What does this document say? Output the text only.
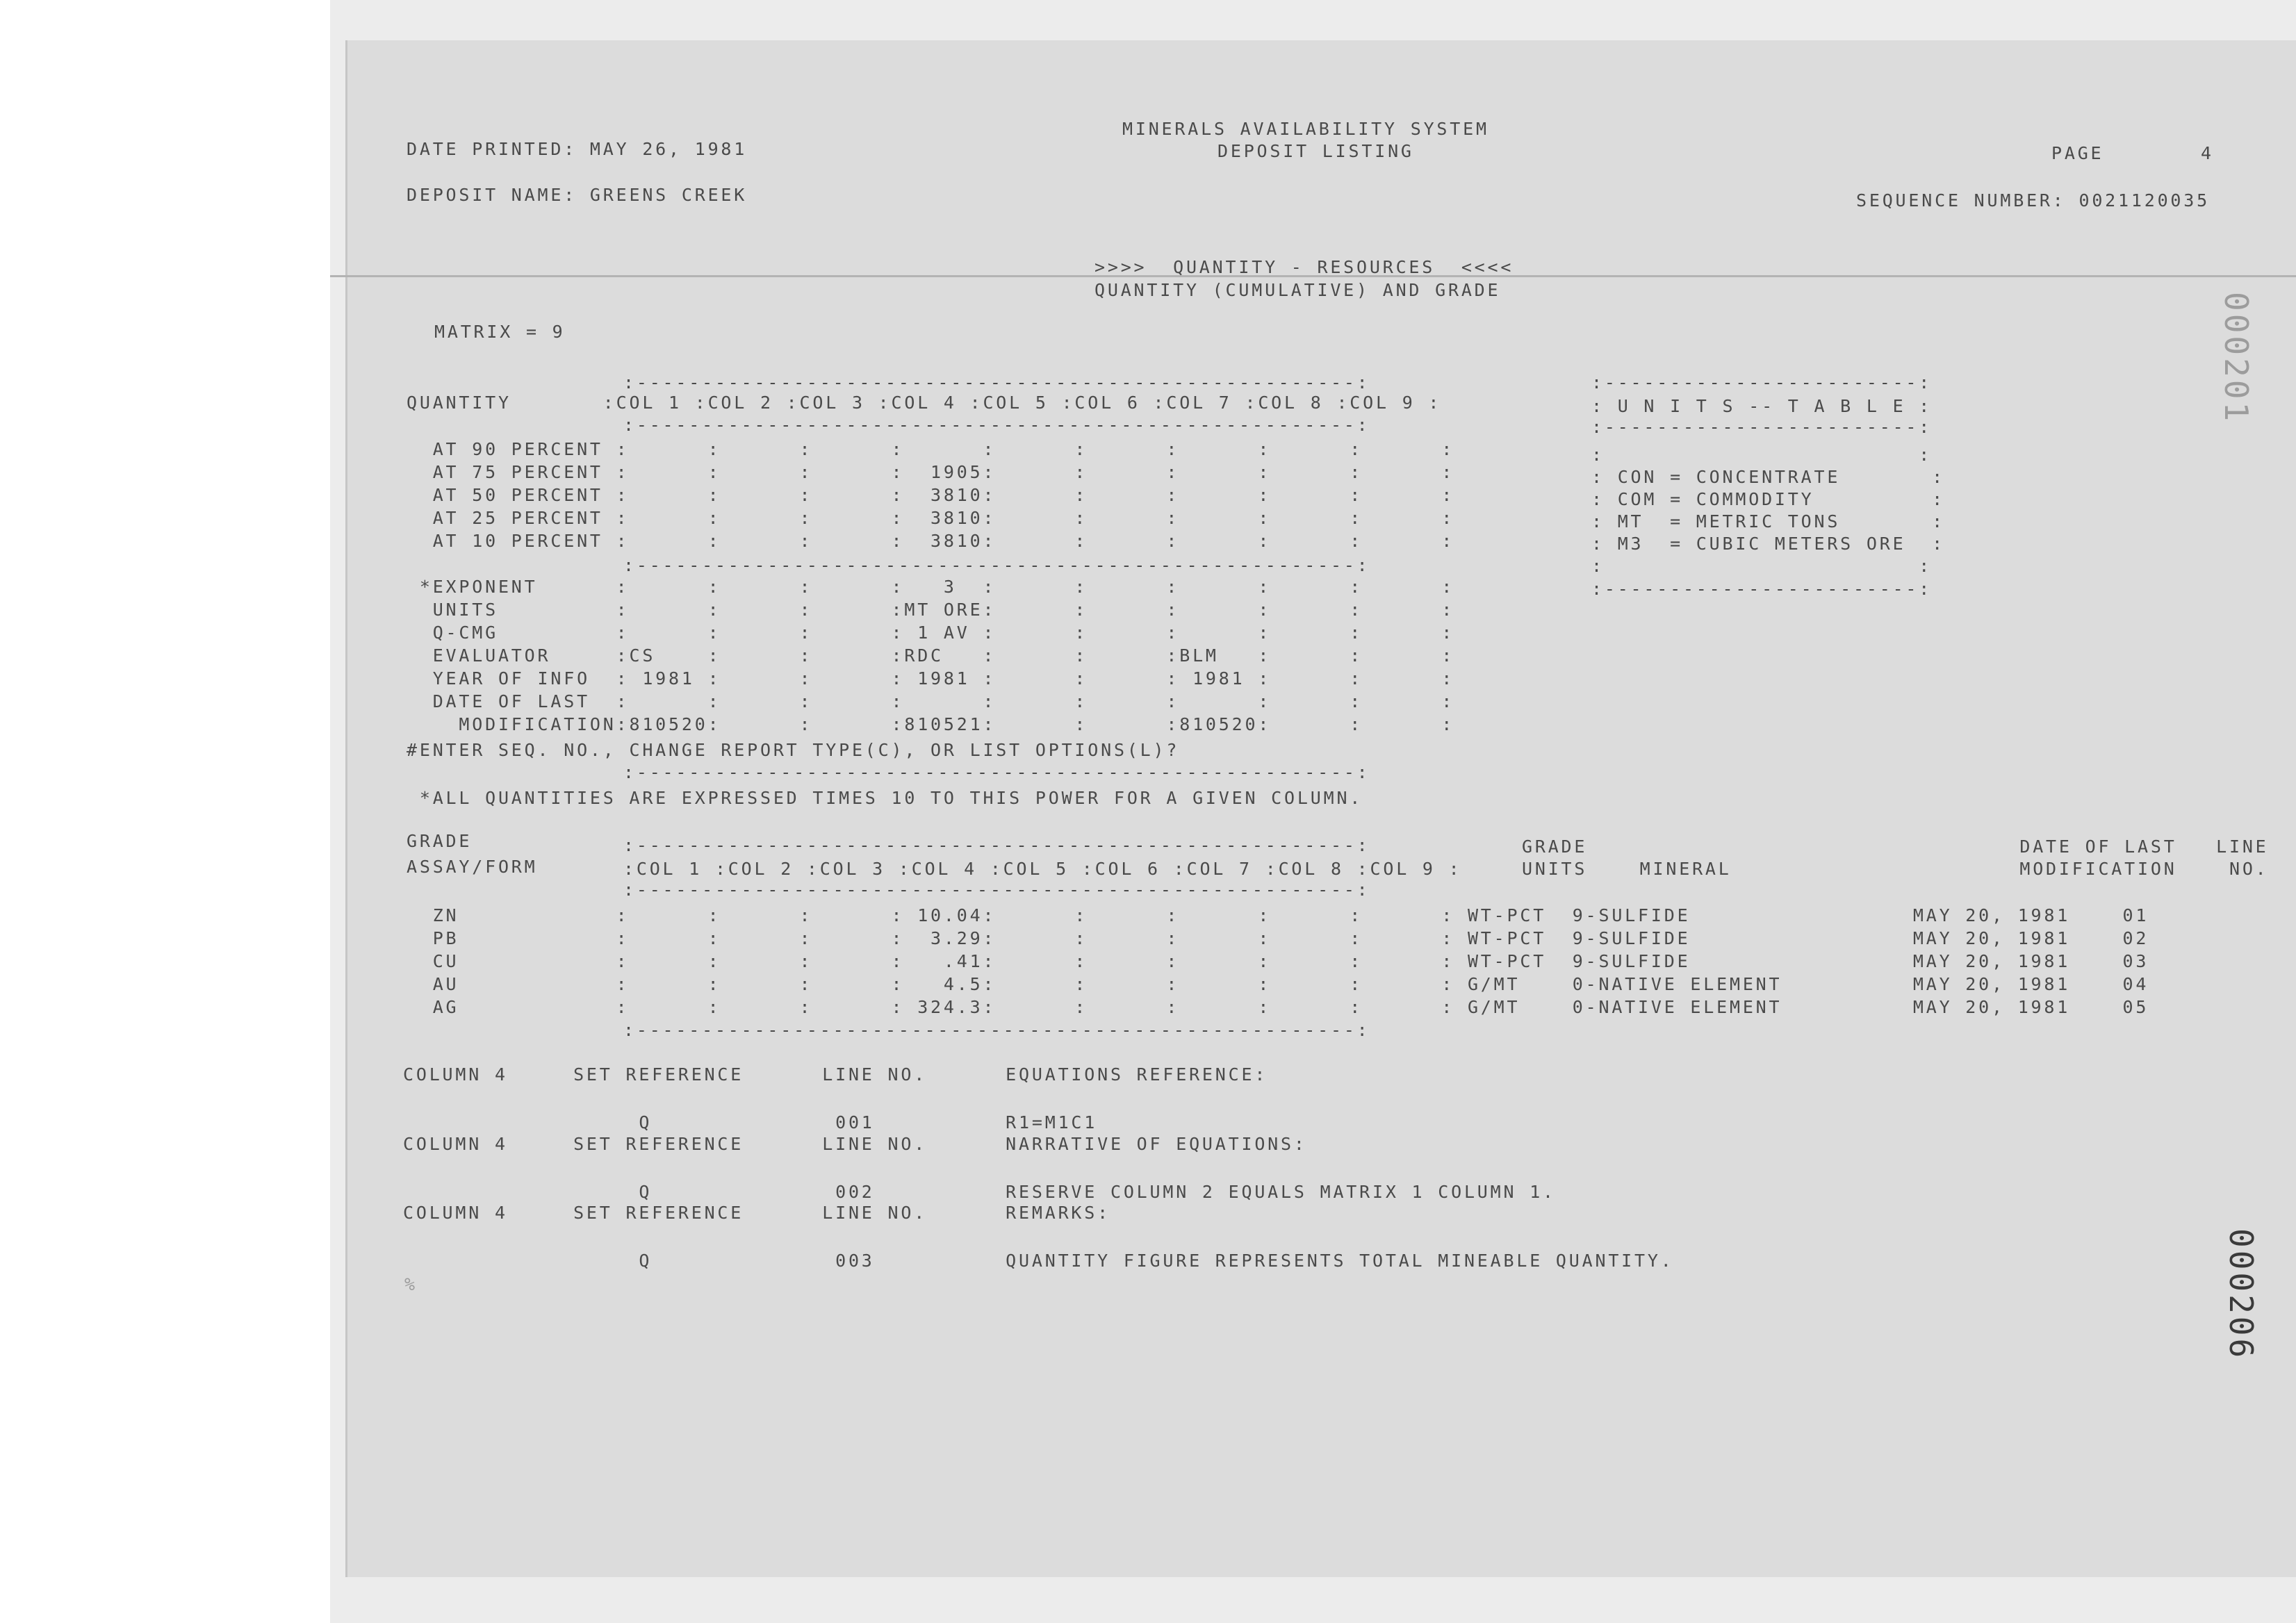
MINERALS AVAILABILITY SYSTEM
DEPOSIT LISTING
DATE PRINTED: MAY 26, 1981	PAGE	4
DEPOSIT NAME: GREENS CREEK	SEQUENCE NUMBER: 0021120035
>>>>  QUANTITY - RESOURCES  <<<<
QUANTITY (CUMULATIVE) AND GRADE
MATRIX = 9
:-------------------------------------------------------:
QUANTITY       :COL 1 :COL 2 :COL 3 :COL 4 :COL 5 :COL 6 :COL 7 :COL 8 :COL 9 :
:-------------------------------------------------------:
AT 90 PERCENT :      :      :      :      :      :      :      :      :      :
AT 75 PERCENT :      :      :      :  1905:      :      :      :      :      :
AT 50 PERCENT :      :      :      :  3810:      :      :      :      :      :
AT 25 PERCENT :      :      :      :  3810:      :      :      :      :      :
AT 10 PERCENT :      :      :      :  3810:      :      :      :      :      :
:-------------------------------------------------------:
*EXPONENT      :      :      :      :   3  :      :      :      :      :      :
UNITS         :      :      :      :MT ORE:      :      :      :      :      :
Q-CMG         :      :      :      : 1 AV :      :      :      :      :      :
EVALUATOR     :CS    :      :      :RDC   :      :      :BLM   :      :      :
YEAR OF INFO  : 1981 :      :      : 1981 :      :      : 1981 :      :      :
DATE OF LAST  :      :      :      :      :      :      :      :      :      :
MODIFICATION:810520:      :      :810521:      :      :810520:      :      :
#ENTER SEQ. NO., CHANGE REPORT TYPE(C), OR LIST OPTIONS(L)?
:-------------------------------------------------------:
*ALL QUANTITIES ARE EXPRESSED TIMES 10 TO THIS POWER FOR A GIVEN COLUMN.
:------------------------:
: U N I T S -- T A B L E :
:------------------------:
:                        :
: CON = CONCENTRATE       :
: COM = COMMODITY         :
: MT  = METRIC TONS       :
: M3  = CUBIC METERS ORE  :
:                        :
:------------------------:
GRADE	:-------------------------------------------------------:	GRADE                                 DATE OF LAST   LINE
ASSAY/FORM	:COL 1 :COL 2 :COL 3 :COL 4 :COL 5 :COL 6 :COL 7 :COL 8 :COL 9 :	UNITS    MINERAL                      MODIFICATION    NO.
:-------------------------------------------------------:
ZN            :      :      :      : 10.04:      :      :      :      :      : WT-PCT  9-SULFIDE                 MAY 20, 1981    01
PB            :      :      :      :  3.29:      :      :      :      :      : WT-PCT  9-SULFIDE                 MAY 20, 1981    02
CU            :      :      :      :   .41:      :      :      :      :      : WT-PCT  9-SULFIDE                 MAY 20, 1981    03
AU            :      :      :      :   4.5:      :      :      :      :      : G/MT    0-NATIVE ELEMENT          MAY 20, 1981    04
AG            :      :      :      : 324.3:      :      :      :      :      : G/MT    0-NATIVE ELEMENT          MAY 20, 1981    05
:-------------------------------------------------------:
COLUMN 4     SET REFERENCE      LINE NO.      EQUATIONS REFERENCE:
Q              001          R1=M1C1
COLUMN 4     SET REFERENCE      LINE NO.      NARRATIVE OF EQUATIONS:
Q              002          RESERVE COLUMN 2 EQUALS MATRIX 1 COLUMN 1.
COLUMN 4     SET REFERENCE      LINE NO.      REMARKS:
Q              003          QUANTITY FIGURE REPRESENTS TOTAL MINEABLE QUANTITY.
%
000201
000206
